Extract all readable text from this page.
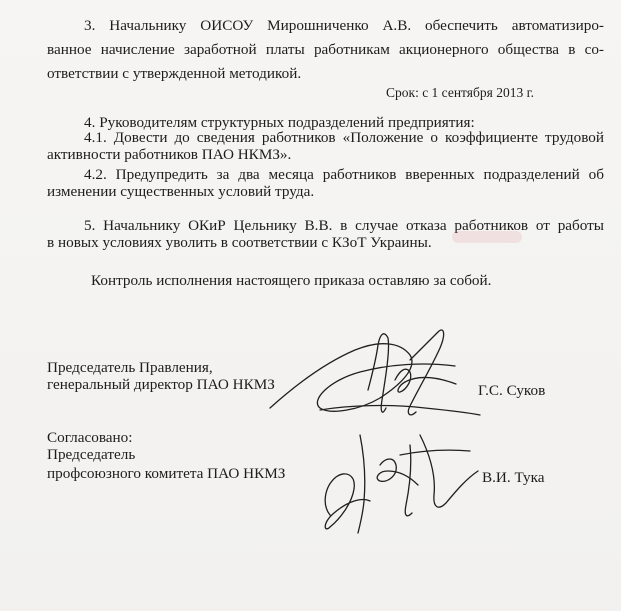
3. Начальнику ОИСОУ Мирошниченко А.В. обеспечить автоматизиро-
ванное начисление заработной платы работникам акционерного общества в со-
ответствии с утвержденной методикой.
Срок: с 1 сентября 2013 г.
4. Руководителям структурных подразделений предприятия:
4.1. Довести до сведения работников «Положение о коэффициенте трудовой
активности работников ПАО НКМЗ».
4.2. Предупредить за два месяца работников вверенных подразделений об
изменении существенных условий труда.
5. Начальнику ОКиР Цельнику В.В. в случае отказа работников от работы
в новых условиях уволить в соответствии с КЗоТ Украины.
Контроль исполнения настоящего приказа оставляю за собой.
Председатель Правления,
генеральный директор ПАО НКМЗ	Г.С. Суков
Согласовано:
Председатель
профсоюзного комитета ПАО НКМЗ	В.И. Тука
